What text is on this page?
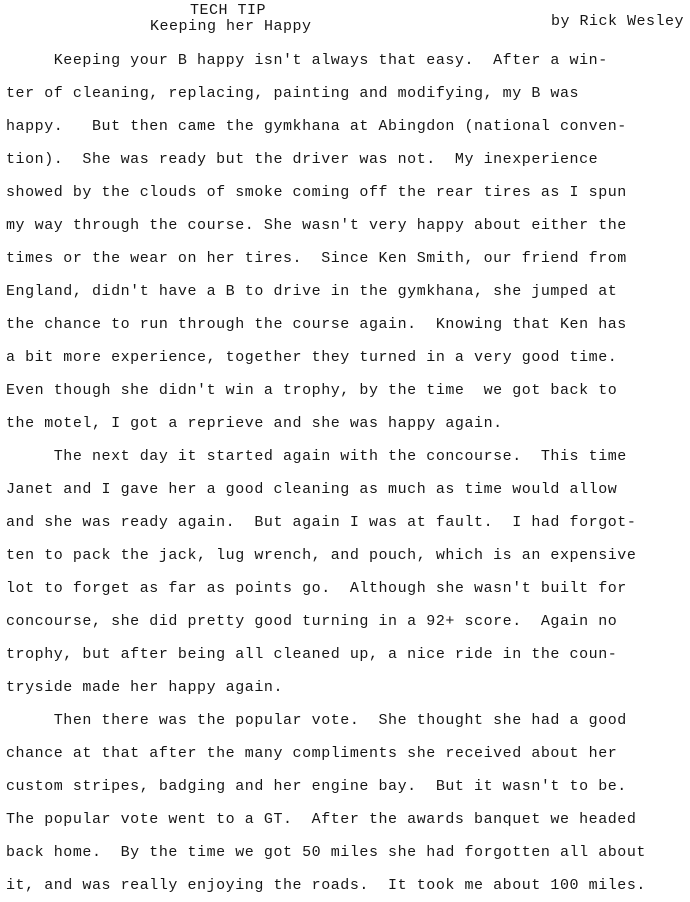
TECH TIP
Keeping her Happy	by Rick Wesley
Keeping your B happy isn't always that easy.  After a win-
ter of cleaning, replacing, painting and modifying, my B was
happy.   But then came the gymkhana at Abingdon (national conven-
tion).  She was ready but the driver was not.  My inexperience
showed by the clouds of smoke coming off the rear tires as I spun
my way through the course. She wasn't very happy about either the
times or the wear on her tires.  Since Ken Smith, our friend from
England, didn't have a B to drive in the gymkhana, she jumped at
the chance to run through the course again.  Knowing that Ken has
a bit more experience, together they turned in a very good time.
Even though she didn't win a trophy, by the time  we got back to
the motel, I got a reprieve and she was happy again.
The next day it started again with the concourse.  This time
Janet and I gave her a good cleaning as much as time would allow
and she was ready again.  But again I was at fault.  I had forgot-
ten to pack the jack, lug wrench, and pouch, which is an expensive
lot to forget as far as points go.  Although she wasn't built for
concourse, she did pretty good turning in a 92+ score.  Again no
trophy, but after being all cleaned up, a nice ride in the coun-
tryside made her happy again.
Then there was the popular vote.  She thought she had a good
chance at that after the many compliments she received about her
custom stripes, badging and her engine bay.  But it wasn't to be.
The popular vote went to a GT.  After the awards banquet we headed
back home.  By the time we got 50 miles she had forgotten all about
it, and was really enjoying the roads.  It took me about 100 miles.
